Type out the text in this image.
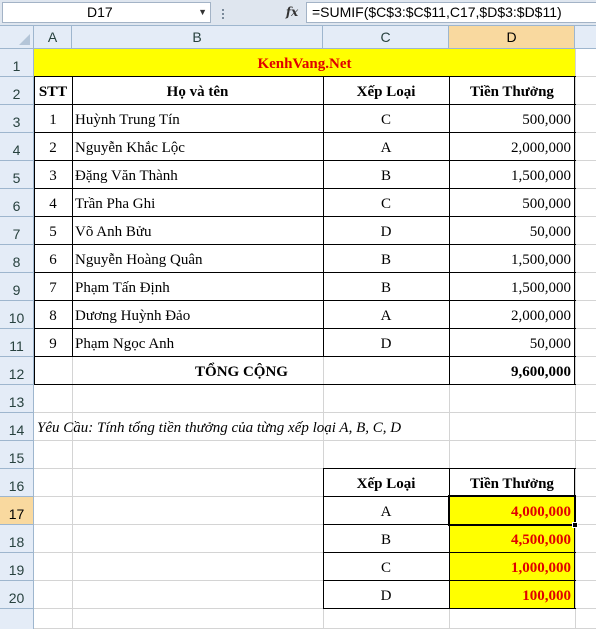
D17	▼	fx =SUMIF($C$3:$C$11,C17,$D$3:$D$11)
A	B	C	D
1
2
3
4
5
6
7
8
9
10
11
12
13
14
15
16
17
18
19
20
KenhVang.Net
STT	Họ và tên	Xếp Loại	Tiền Thưởng
1	Huỳnh Trung Tín	C	500,000
2	Nguyễn Khắc Lộc	A	2,000,000
3	Đặng Văn Thành	B	1,500,000
4	Trần Pha Ghi	C	500,000
5	Võ Anh Bửu	D	50,000
6	Nguyễn Hoàng Quân	B	1,500,000
7	Phạm Tấn Định	B	1,500,000
8	Dương Huỳnh Đảo	A	2,000,000
9	Phạm Ngọc Anh	D	50,000
TỔNG CỘNG	9,600,000
Yêu Cầu: Tính tổng tiền thưởng của từng xếp loại A, B, C, D
Xếp Loại	Tiền Thưởng
A	4,000,000
B	4,500,000
C	1,000,000
D	100,000
